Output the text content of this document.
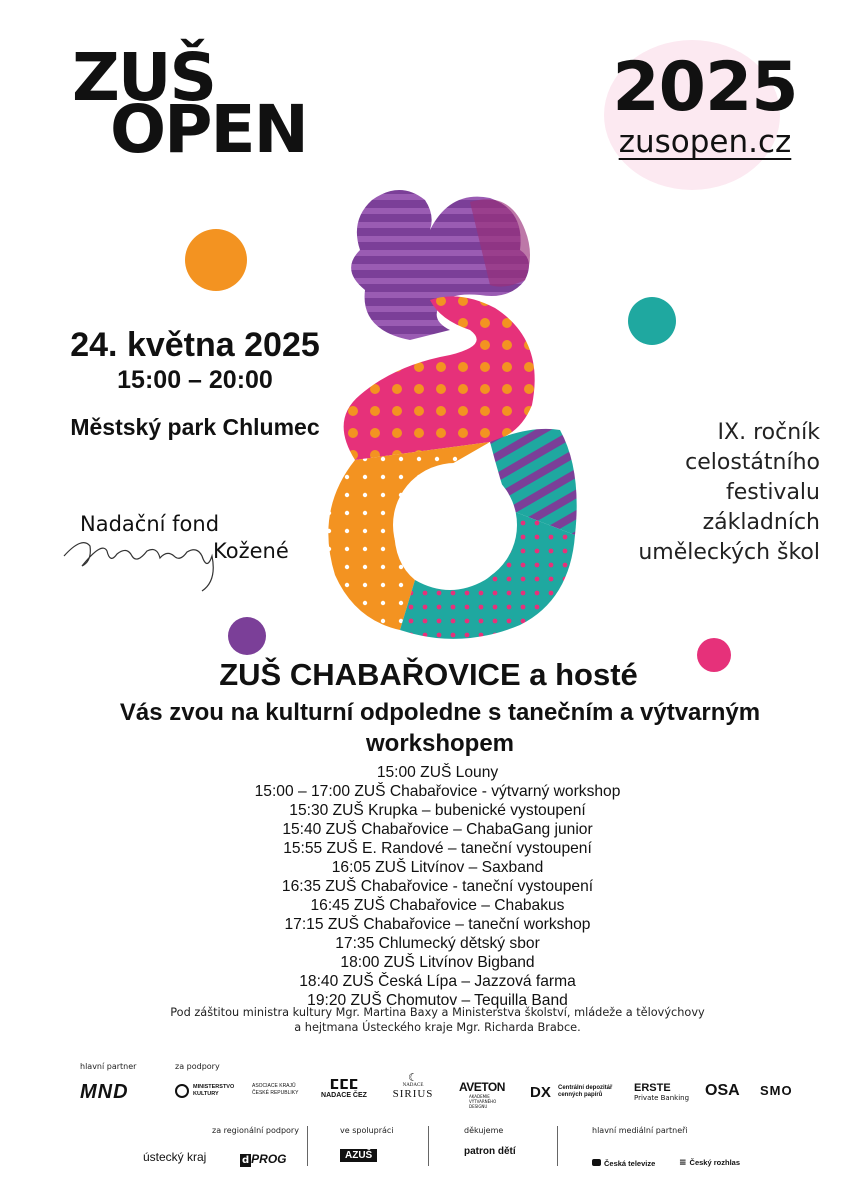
ZUŠ
OPEN
2025
zusopen.cz
24. května 2025
15:00 – 20:00
Městský park Chlumec
Nadační fond
Kožené
IX. ročník
celostátního
festivalu
základních
uměleckých škol
ZUŠ CHABAŘOVICE a hosté
Vás zvou na kulturní odpoledne s tanečním a výtvarným workshopem
15:00 ZUŠ Louny
15:00 – 17:00 ZUŠ Chabařovice - výtvarný workshop
15:30 ZUŠ Krupka – bubenické vystoupení
15:40 ZUŠ Chabařovice – ChabaGang junior
15:55 ZUŠ E. Randové – taneční vystoupení
16:05 ZUŠ Litvínov – Saxband
16:35 ZUŠ Chabařovice - taneční vystoupení
16:45 ZUŠ Chabařovice – Chabakus
17:15 ZUŠ Chabařovice – taneční workshop
17:35 Chlumecký dětský sbor
18:00 ZUŠ Litvínov Bigband
18:40 ZUŠ Česká Lípa – Jazzová farma
19:20 ZUŠ Chomutov – Tequilla Band
Pod záštitou ministra kultury Mgr. Martina Baxy a Ministerstva školství, mládeže a tělovýchovy
a hejtmana Ústeckého kraje Mgr. Richarda Brabce.
hlavní partner
MND
za podpory
MINISTERSTVO KULTURY
ASOCIACE KRAJŮ ČESKÉ REPUBLIKY	ⵎⵎⵎ
NADACE ČEZ
☾
NADACE
SIRIUS	AVETON
AKADEMIE VÝTVARNÉHO DESIGNU
DX Centrální depozitář cenných papírů
ERSTE
Private Banking OSA SMO
za regionální podpory
ústecký kraj	d PROG
ve spolupráci
AZUŠ
děkujeme
patron dětí
hlavní mediální partneři
Česká televize	≡ Český rozhlas
